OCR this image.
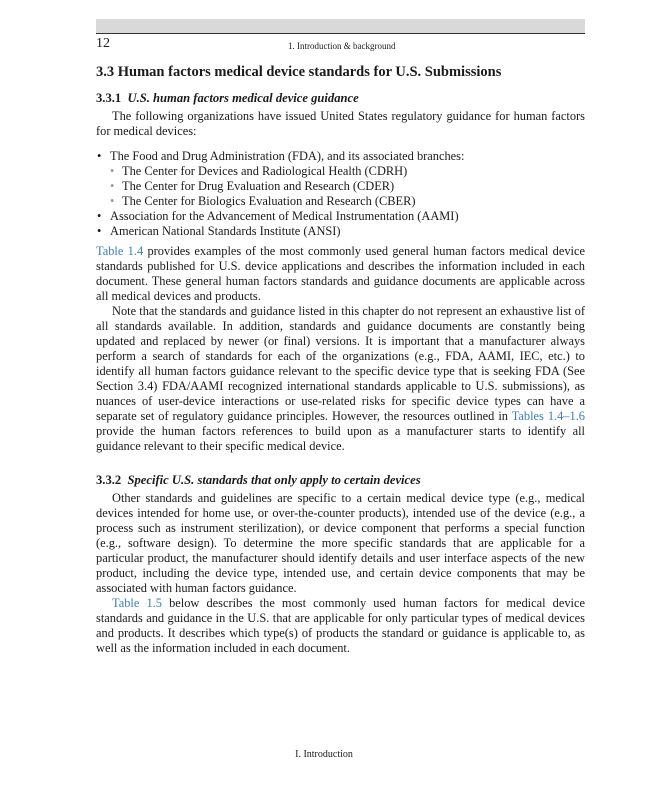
12	1. Introduction & background
3.3 Human factors medical device standards for U.S. Submissions
3.3.1 U.S. human factors medical device guidance

The following organizations have issued United States regulatory guidance for human factors for medical devices:

• The Food and Drug Administration (FDA), and its associated branches:
• The Center for Devices and Radiological Health (CDRH)
• The Center for Drug Evaluation and Research (CDER)
• The Center for Biologics Evaluation and Research (CBER)
• Association for the Advancement of Medical Instrumentation (AAMI)
• American National Standards Institute (ANSI)

Table 1.4 provides examples of the most commonly used general human factors medical device standards published for U.S. device applications and describes the information included in each document. These general human factors standards and guidance documents are applicable across all medical devices and products.

Note that the standards and guidance listed in this chapter do not represent an exhaustive list of all standards available. In addition, standards and guidance documents are constantly being updated and replaced by newer (or final) versions. It is important that a manufacturer always perform a search of standards for each of the organizations (e.g., FDA, AAMI, IEC, etc.) to identify all human factors guidance relevant to the specific device type that is seeking FDA (See Section 3.4) FDA/AAMI recognized international standards applicable to U.S. submissions), as nuances of user-device interactions or use-related risks for specific device types can have a separate set of regulatory guidance principles. However, the resources outlined in Tables 1.4–1.6 provide the human factors references to build upon as a manufacturer starts to identify all guidance relevant to their specific medical device.

3.3.2 Specific U.S. standards that only apply to certain devices

Other standards and guidelines are specific to a certain medical device type (e.g., medical devices intended for home use, or over-the-counter products), intended use of the device (e.g., a process such as instrument sterilization), or device component that performs a special function (e.g., software design). To determine the more specific standards that are applicable for a particular product, the manufacturer should identify details and user interface aspects of the new product, including the device type, intended use, and certain device components that may be associated with human factors guidance.

Table 1.5 below describes the most commonly used human factors for medical device standards and guidance in the U.S. that are applicable for only particular types of medical devices and products. It describes which type(s) of products the standard or guidance is applicable to, as well as the information included in each document.

I. Introduction
